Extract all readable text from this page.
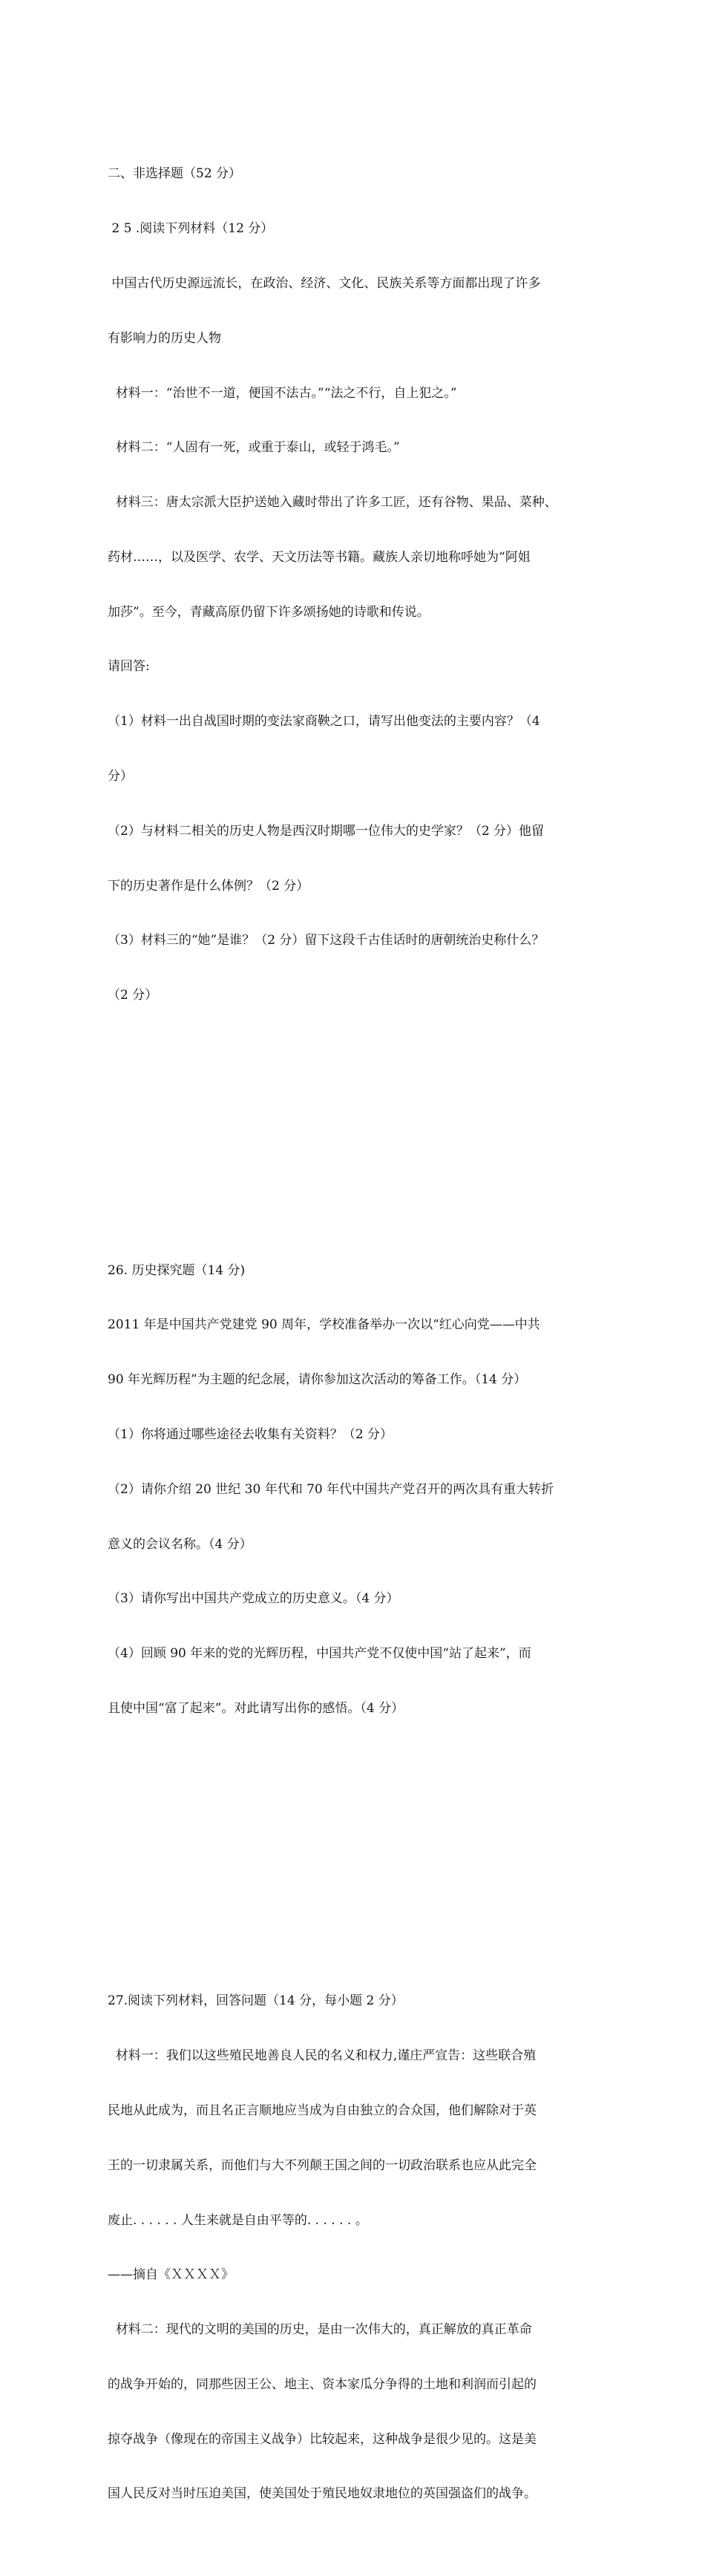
二、非选择题（52 分）

2 5 .阅读下列材料（12 分）

中国古代历史源远流长，在政治、经济、文化、民族关系等方面都出现了许多

有影响力的历史人物

材料一：“治世不一道，便国不法古。”“法之不行，自上犯之。”

材料二：“人固有一死，或重于泰山，或轻于鸿毛。”

材料三：唐太宗派大臣护送她入藏时带出了许多工匠，还有谷物、果品、菜种、

药材……，以及医学、农学、天文历法等书籍。藏族人亲切地称呼她为“阿姐

加莎”。至今，青藏高原仍留下许多颂扬她的诗歌和传说。

请回答:

（1）材料一出自战国时期的变法家商鞅之口，请写出他变法的主要内容？（4

分）

（2）与材料二相关的历史人物是西汉时期哪一位伟大的史学家？（2 分）他留

下的历史著作是什么体例？（2 分）

（3）材料三的“她”是谁？（2 分）留下这段千古佳话时的唐朝统治史称什么？

（2 分）

26. 历史探究题（14 分)

2011 年是中国共产党建党 90 周年，学校准备举办一次以“红心向党——中共

90 年光辉历程”为主题的纪念展，请你参加这次活动的筹备工作。（14 分）

（1）你将通过哪些途径去收集有关资料？（2 分）

（2）请你介绍 20 世纪 30 年代和 70 年代中国共产党召开的两次具有重大转折

意义的会议名称。（4 分）

（3）请你写出中国共产党成立的历史意义。（4 分）

（4）回顾 90 年来的党的光辉历程，中国共产党不仅使中国“站了起来”，而

且使中国“富了起来”。对此请写出你的感悟。（4 分）

27.阅读下列材料，回答问题（14 分，每小题 2 分）

材料一：我们以这些殖民地善良人民的名义和权力,谨庄严宣告：这些联合殖

民地从此成为，而且名正言顺地应当成为自由独立的合众国，他们解除对于英

王的一切隶属关系，而他们与大不列颠王国之间的一切政治联系也应从此完全

废止. . . . . . 人生来就是自由平等的. . . . . . 。

——摘自《ＸＸＸＸ》

材料二：现代的文明的美国的历史，是由一次伟大的，真正解放的真正革命

的战争开始的，同那些因王公、地主、资本家瓜分争得的土地和利润而引起的

掠夺战争（像现在的帝国主义战争）比较起来，这种战争是很少见的。这是美

国人民反对当时压迫美国，使美国处于殖民地奴隶地位的英国强盗们的战争。
